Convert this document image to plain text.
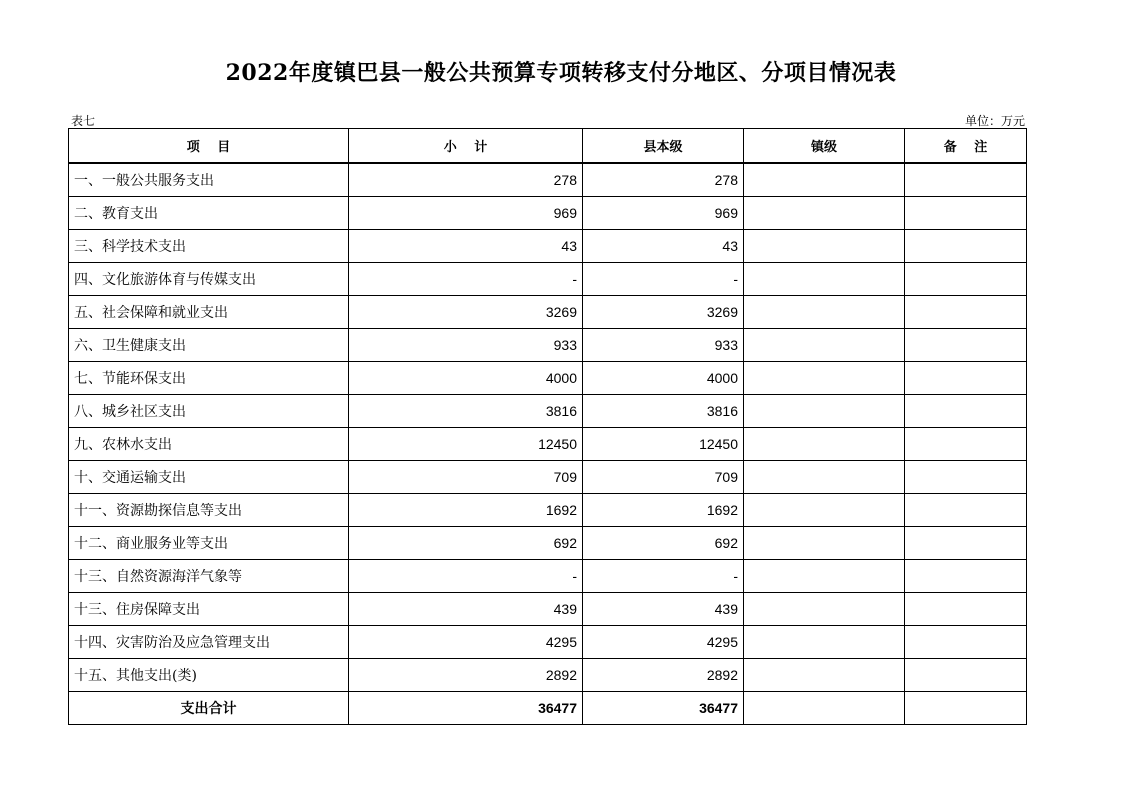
2022年度镇巴县一般公共预算专项转移支付分地区、分项目情况表
表七	单位：万元
项　 目	小　 计	县本级	镇级	备　 注
一、一般公共服务支出	278	278		
二、教育支出	969	969		
三、科学技术支出	43	43		
四、文化旅游体育与传媒支出	-	-		
五、社会保障和就业支出	3269	3269		
六、卫生健康支出	933	933		
七、节能环保支出	4000	4000		
八、城乡社区支出	3816	3816		
九、农林水支出	12450	12450		
十、交通运输支出	709	709		
十一、资源勘探信息等支出	1692	1692		
十二、商业服务业等支出	692	692		
十三、自然资源海洋气象等	-	-		
十三、住房保障支出	439	439		
十四、灾害防治及应急管理支出	4295	4295		
十五、其他支出(类)	2892	2892		
支出合计	36477	36477		
